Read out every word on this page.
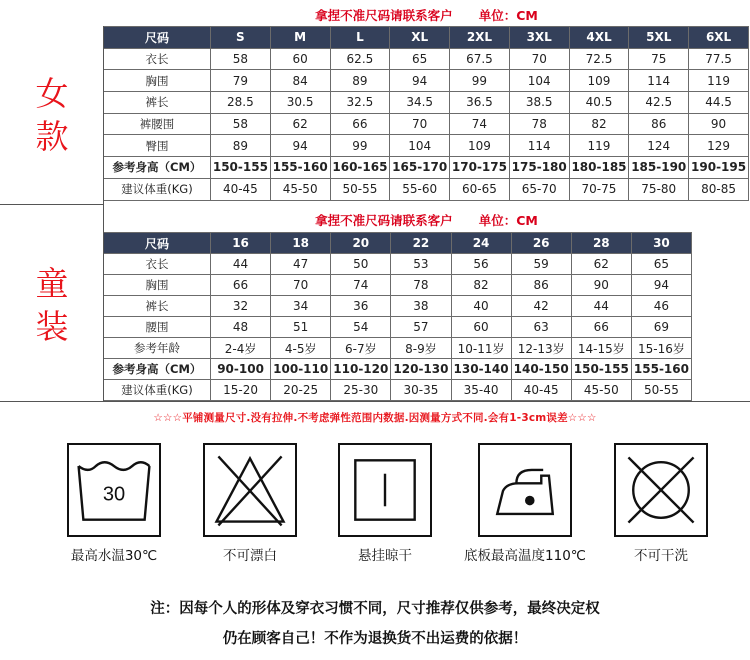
拿捏不准尺码请联系客户 单位：CM
女
款
尺码	S	M	L	XL	2XL	3XL	4XL	5XL	6XL
衣长	58	60	62.5	65	67.5	70	72.5	75	77.5
胸围	79	84	89	94	99	104	109	114	119
裤长	28.5	30.5	32.5	34.5	36.5	38.5	40.5	42.5	44.5
裤腰围	58	62	66	70	74	78	82	86	90
臀围	89	94	99	104	109	114	119	124	129
参考身高（CM）	150-155	155-160	160-165	165-170	170-175	175-180	180-185	185-190	190-195
建议体重(KG)	40-45	45-50	50-55	55-60	60-65	65-70	70-75	75-80	80-85
拿捏不准尺码请联系客户 单位：CM
童
装
尺码	16	18	20	22	24	26	28	30
衣长	44	47	50	53	56	59	62	65
胸围	66	70	74	78	82	86	90	94
裤长	32	34	36	38	40	42	44	46
腰围	48	51	54	57	60	63	66	69
参考年龄	2-4岁	4-5岁	6-7岁	8-9岁	10-11岁	12-13岁	14-15岁	15-16岁
参考身高（CM）	90-100	100-110	110-120	120-130	130-140	140-150	150-155	155-160
建议体重(KG)	15-20	20-25	25-30	30-35	35-40	40-45	45-50	50-55
☆☆☆平铺测量尺寸.没有拉伸.不考虑弹性范围内数据.因测量方式不同.会有1-3cm误差☆☆☆
30
最高水温30℃	不可漂白	悬挂晾干	底板最高温度110℃	不可干洗
注：因每个人的形体及穿衣习惯不同，尺寸推荐仅供参考，最终决定权
仍在顾客自己！不作为退换货不出运费的依据！
